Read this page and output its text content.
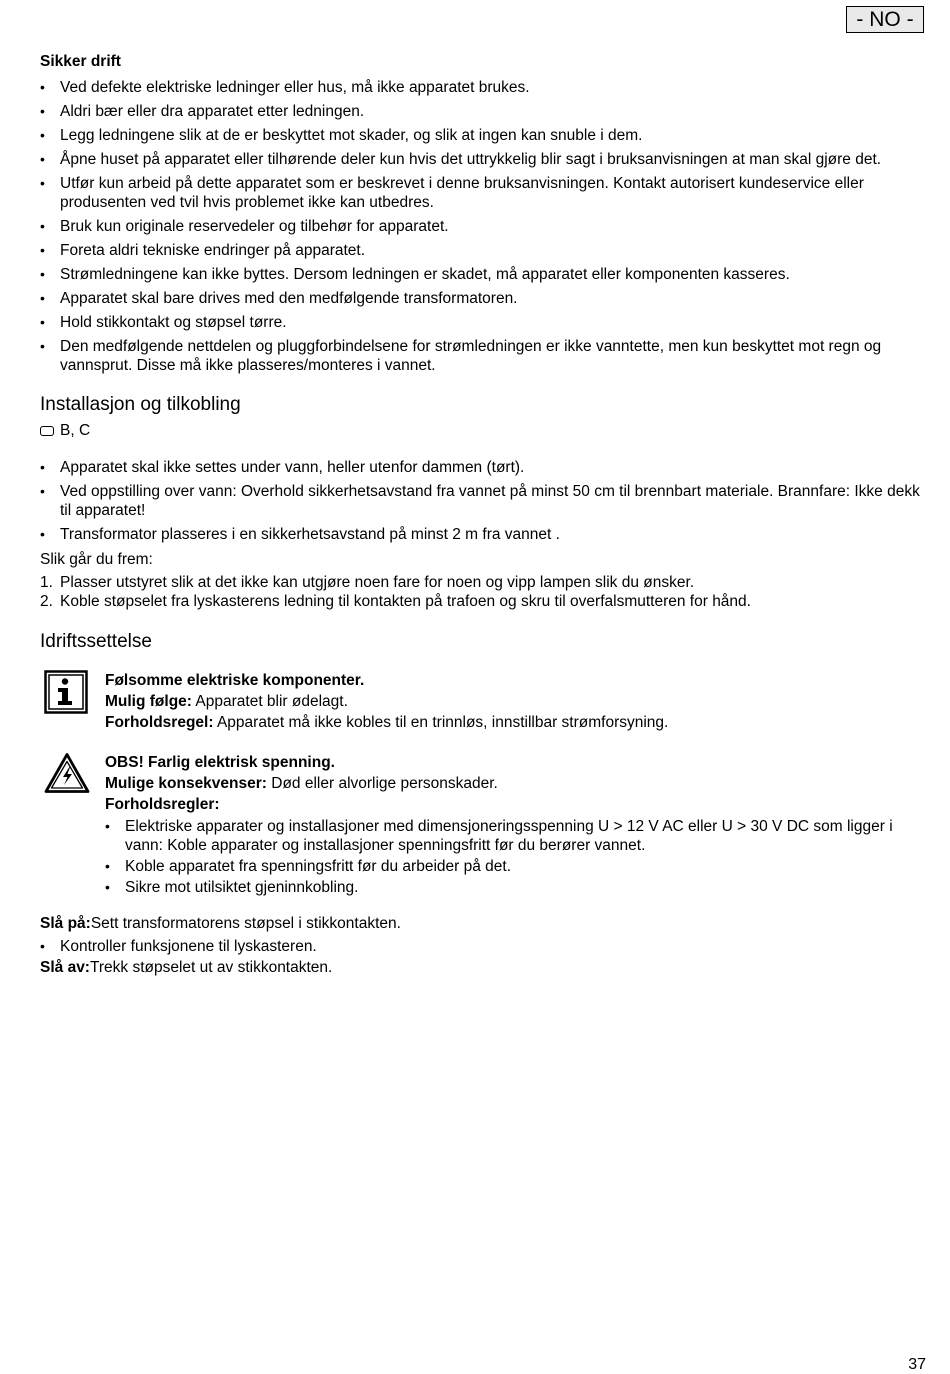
- NO -
Sikker drift
• Ved defekte elektriske ledninger eller hus, må ikke apparatet brukes.
• Aldri bær eller dra apparatet etter ledningen.
• Legg ledningene slik at de er beskyttet mot skader, og slik at ingen kan snuble i dem.
• Åpne huset på apparatet eller tilhørende deler kun hvis det uttrykkelig blir sagt i bruksanvisningen at man skal gjøre det.
• Utfør kun arbeid på dette apparatet som er beskrevet i denne bruksanvisningen. Kontakt autorisert kundeservice eller produsenten ved tvil hvis problemet ikke kan utbedres.
• Bruk kun originale reservedeler og tilbehør for apparatet.
• Foreta aldri tekniske endringer på apparatet.
• Strømledningene kan ikke byttes. Dersom ledningen er skadet, må apparatet eller komponenten kasseres.
• Apparatet skal bare drives med den medfølgende transformatoren.
• Hold stikkontakt og støpsel tørre.
• Den medfølgende nettdelen og pluggforbindelsene for strømledningen er ikke vanntette, men kun beskyttet mot regn og vannsprut. Disse må ikke plasseres/monteres i vannet.
Installasjon og tilkobling
B, C
• Apparatet skal ikke settes under vann, heller utenfor dammen (tørt).
• Ved oppstilling over vann: Overhold sikkerhetsavstand fra vannet på minst 50 cm til brennbart materiale. Brannfare: Ikke dekk til apparatet!
• Transformator plasseres i en sikkerhetsavstand på minst 2 m fra vannet .

Slik går du frem:

1. Plasser utstyret slik at det ikke kan utgjøre noen fare for noen og vipp lampen slik du ønsker.
2. Koble støpselet fra lyskasterens ledning til kontakten på trafoen og skru til overfalsmutteren for hånd.
Idriftssettelse

Følsomme elektriske komponenter.

Mulig følge: Apparatet blir ødelagt.

Forholdsregel: Apparatet må ikke kobles til en trinnløs, innstillbar strømforsyning.

OBS! Farlig elektrisk spenning.

Mulige konsekvenser: Død eller alvorlige personskader.

Forholdsregler:

• Elektriske apparater og installasjoner med dimensjoneringsspenning U > 12 V AC eller U > 30 V DC som ligger i vann: Koble apparater og installasjoner spenningsfritt før du berører vannet.
• Koble apparatet fra spenningsfritt før du arbeider på det.
• Sikre mot utilsiktet gjeninnkobling.

Slå på:Sett transformatorens støpsel i stikkontakten.

• Kontroller funksjonene til lyskasteren.

Slå av:Trekk støpselet ut av stikkontakten.

37
